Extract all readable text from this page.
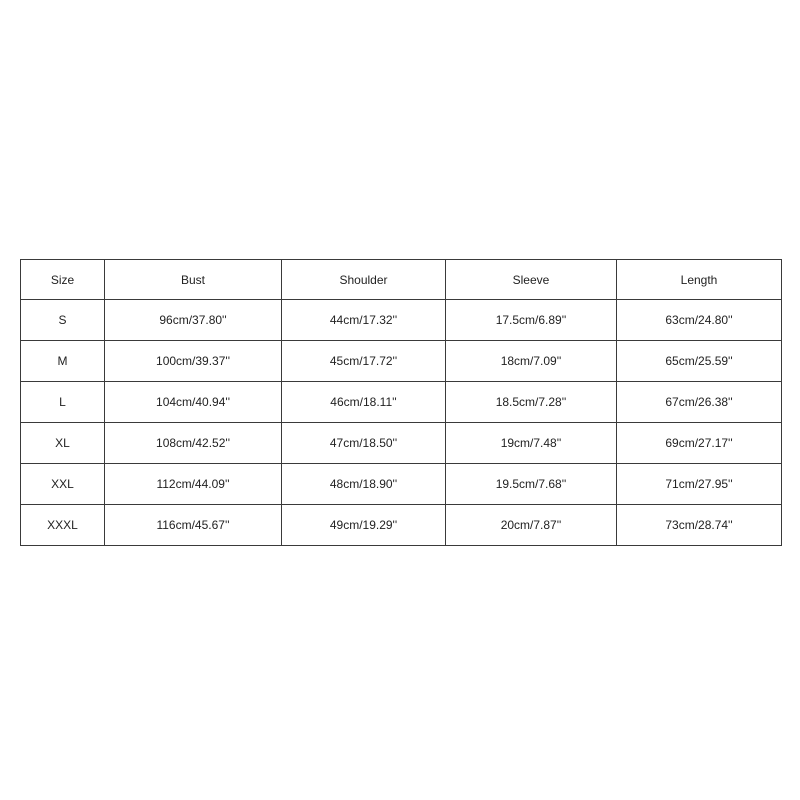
Size	Bust	Shoulder	Sleeve	Length
S	96cm/37.80''	44cm/17.32''	17.5cm/6.89''	63cm/24.80''
M	100cm/39.37''	45cm/17.72''	18cm/7.09''	65cm/25.59''
L	104cm/40.94''	46cm/18.11''	18.5cm/7.28''	67cm/26.38''
XL	108cm/42.52''	47cm/18.50''	19cm/7.48''	69cm/27.17''
XXL	112cm/44.09''	48cm/18.90''	19.5cm/7.68''	71cm/27.95''
XXXL	116cm/45.67''	49cm/19.29''	20cm/7.87''	73cm/28.74''
